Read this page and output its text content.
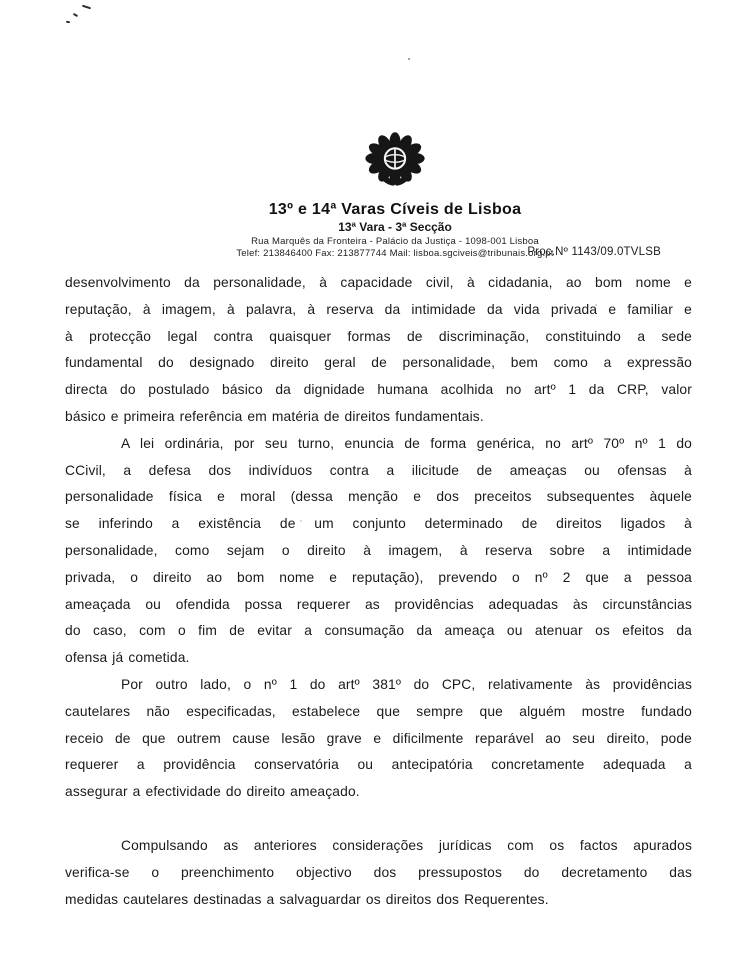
13º e 14ª Varas Cíveis de Lisboa
13ª Vara - 3ª Secção
Rua Marquês da Fronteira - Palácio da Justiça - 1098-001 Lisboa
Telef: 213846400 Fax: 213877744 Mail: lisboa.sgciveis@tribunais.org.pt
Proc.Nº 1143/09.0TVLSB
desenvolvimento da personalidade, à capacidade civil, à cidadania, ao bom nome e
reputação, à imagem, à palavra, à reserva da intimidade da vida privada e familiar e
à protecção legal contra quaisquer formas de discriminação, constituindo a sede
fundamental do designado direito geral de personalidade, bem como a expressão
directa do postulado básico da dignidade humana acolhida no artº 1 da CRP, valor
básico e primeira referência em matéria de direitos fundamentais.
A lei ordinária, por seu turno, enuncia de forma genérica, no artº 70º nº 1 do
CCivil, a defesa dos indivíduos contra a ilicitude de ameaças ou ofensas à
personalidade física e moral (dessa menção e dos preceitos subsequentes àquele
se inferindo a existência de um conjunto determinado de direitos ligados à
personalidade, como sejam o direito à imagem, à reserva sobre a intimidade
privada, o direito ao bom nome e reputação), prevendo o nº 2 que a pessoa
ameaçada ou ofendida possa requerer as providências adequadas às circunstâncias
do caso, com o fim de evitar a consumação da ameaça ou atenuar os efeitos da
ofensa já cometida.
Por outro lado, o nº 1 do artº 381º do CPC, relativamente às providências
cautelares não especificadas, estabelece que sempre que alguém mostre fundado
receio de que outrem cause lesão grave e dificilmente reparável ao seu direito, pode
requerer a providência conservatória ou antecipatória concretamente adequada a
assegurar a efectividade do direito ameaçado.
Compulsando as anteriores considerações jurídicas com os factos apurados
verifica-se o preenchimento objectivo dos pressupostos do decretamento das
medidas cautelares destinadas a salvaguardar os direitos dos Requerentes.
